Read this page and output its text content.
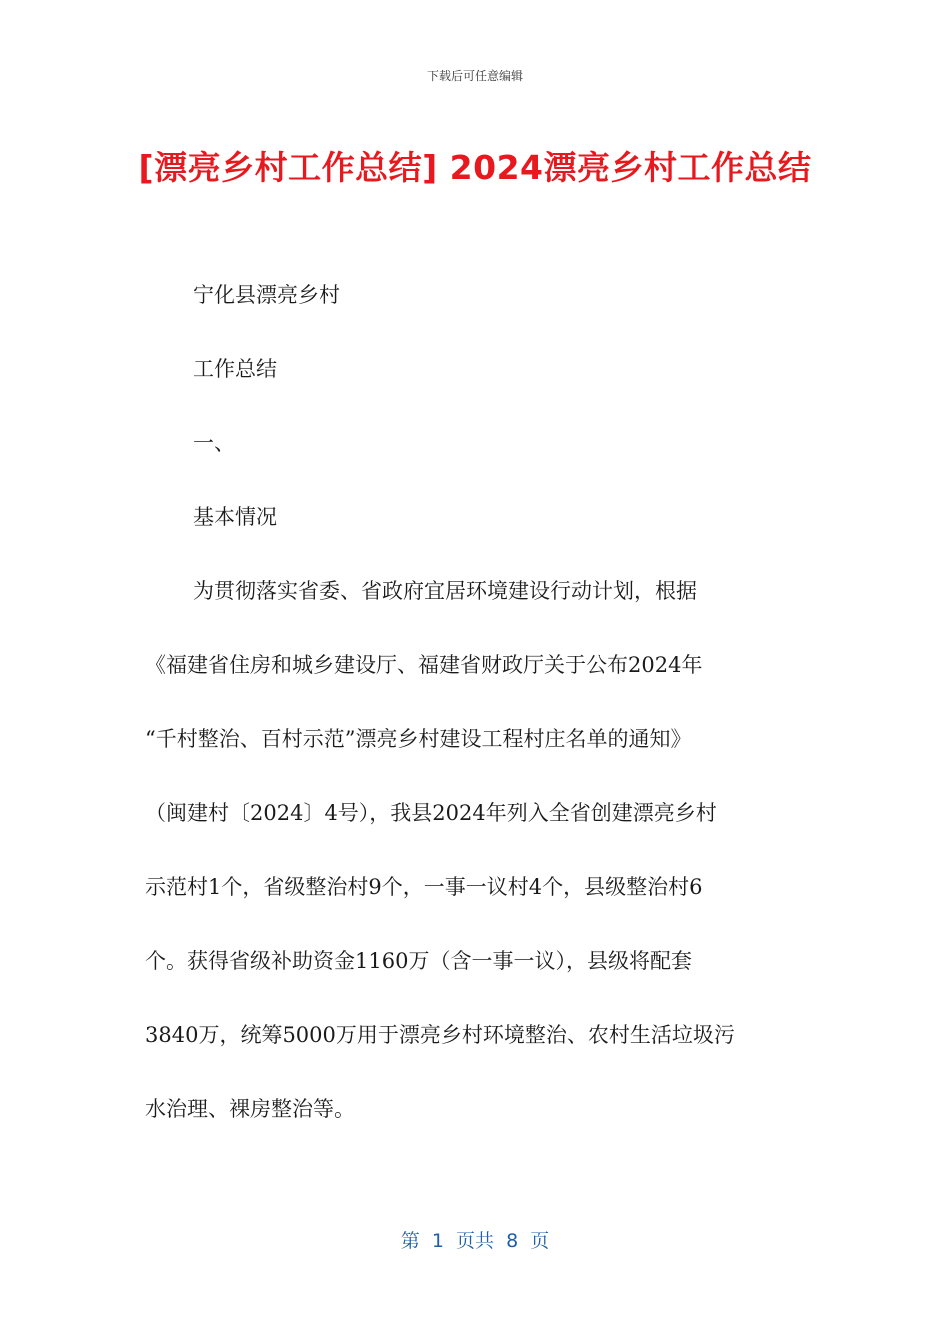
下载后可任意编辑
[漂亮乡村工作总结] 2024漂亮乡村工作总结
宁化县漂亮乡村
工作总结
一、
基本情况
为贯彻落实省委、省政府宜居环境建设行动计划，根据
《福建省住房和城乡建设厅、福建省财政厅关于公布2024年
“千村整治、百村示范”漂亮乡村建设工程村庄名单的通知》
（闽建村〔2024〕4号），我县2024年列入全省创建漂亮乡村
示范村1个，省级整治村9个，一事一议村4个，县级整治村6
个。获得省级补助资金1160万（含一事一议），县级将配套
3840万，统筹5000万用于漂亮乡村环境整治、农村生活垃圾污
水治理、裸房整治等。
第  1  页共  8  页
